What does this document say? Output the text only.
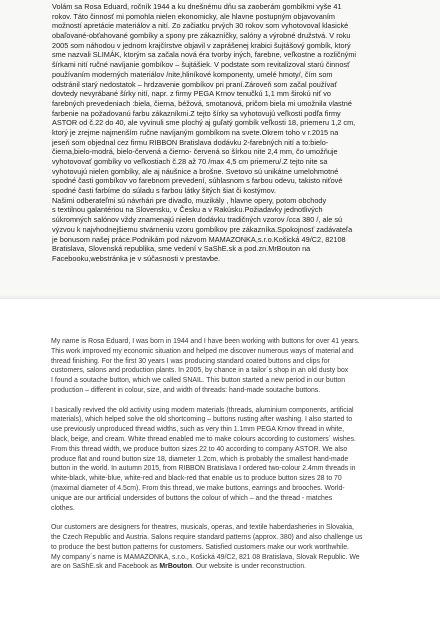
Volám sa Rosa Eduard, ročník 1944 a ku dnešnému dňu sa zaoberám gombíkmi vyše 41
rokov. Táto činnosť mi pomohla nielen ekonomicky, ale hlavne postupným objavovaním
možností apretácie materiálov a nití. Zo začiatku prvých 30 rokov som vyhotovoval klasické
obaľované-obťahované gombíky a spony pre zákazníčky, salóny a výrobné družstvá. V roku
2005 som náhodou v jednom krajčírstve objavil v zaprášenej krabici šujtášový gombík, ktorý
sme nazvali SLIMÁK, ktorým sa začala nová éra tvorby iných, farebne, veľkostne a rozličnými
šírkami nití ručné navíjanie gombíkov – šujtášiek. V podstate som revitalizoval starú činnosť
používaním moderných materiálov /nite,hliníkové komponenty, umelé hmoty/, čím som
odstránil starý nedostatok – hrdzavenie gombíkov pri praní.Zároveň som začal používať
dovtedy nevyrábané šírky nití, napr. z firmy PEGA Krnov tenučkú 1,1 mm širokú niť vo
farebných prevedeniach :biela, čierna, béžová, smotanová, pričom biela mi umožnila vlastné
farbenie na požadovanú farbu zákazníkmi.Z tejto šírky sa vyhotovujú veľkosti podľa firmy
ASTOR od č.22 do 40, ale vyvinuli sme plochý aj guľatý gombík veľkosti 18, priemeru 1,2 cm,
ktorý je zrejme najmenším ručne navíjaným gombíkom na svete.Okrem toho v r.2015 na
jeseň som objednal cez firmu RIBBON Bratislava dodávku 2-farebných nití a to:bielo-
čierna,bielo-modrá, bielo-červená a čierno- červená so šírkou nite 2,4 mm, čo umožňuje
vyhotovovať gombíky vo veľkostiach č.28 až 70 /max 4,5 cm priemeru/.Z tejto nite sa
vyhotovujú nielen gombíky, ale aj náušnice a brošne. Svetovo sú unikátne umelohmotné
spodné časti gombíkov vo farebnom prevedení, súhlasnom s farbou odevu, takisto niťové
spodné časti farbíme do súladu s farbou látky šitých šiat či kostýmov.
Našimi odberateľmi sú návrhári pre divadlo, muzikály , hlavne opery, potom obchody
s textilnou galantériou na Slovensku, v Česku a v Rakúsku.Požiadavky jednotlivých
súkromných salónov vždy znamenajú nielen dodávku tradičných vzorov /cca 380 /, ale sú
výzvou k najvhodnejšiemu stvárneniu vzoru gombíkov pre zákazníka.Spokojnosť zadávateľa
je bonusom našej práce.Podnikám pod názvom MAMAZONKA,s.r.o.Košická 49/C2, 82108
Bratislava, Slovenská republika, sme vedení v SaShE.sk a pod.zn.MrBouton na
Facebooku,webstránka je v súčasnosti v prestavbe.

My name is Rosa Eduard, I was born in 1944 and I have been working with buttons for over 41 years.
This work improved my economic situation and helped me discover numerous ways of material and
thread finishing. For the first 30 years I was producing standard coated buttons and clips for
customers, salons and production plants. In 2005, by chance in a tailor´s shop in an old dusty box
I found a soutache button, which we called SNAIL. This button started a new period in our button
production – different in colour, size, and width of threads: hand-made soutache buttons.

I basically revived the old activity using modern materials (threads, aluminium components, artificial
materials), which helped solve the old shortcoming – buttons rusting after washing. I also started to
use previously unproduced thread widths, such as very thin 1.1mm PEGA Krnov thread in white,
black, beige, and cream. White thread enabled me to make colours according to customers´ wishes.
From this thread width, we produce button sizes 22 to 40 according to company ASTOR. We also
produce flat and round button size 18, diameter 1.2cm, which is probably the smallest hand-made
button in the world. In autumn 2015, from RIBBON Bratislava I ordered two-colour 2.4mm threads in
white-black, white-blue, white-red and black-red that enable us to produce button sizes 28 to 70
(maximal diameter of 4.5cm). From this thread, we make buttons, earrings and brooches. World-
unique are our artificial undersides of buttons the colour of which – and the thread - matches
clothes.

Our customers are designers for theatres, musicals, operas, and textile haberdasheries in Slovakia,
the Czech Republic and Austria. Salons require standard patterns (approx. 380) and also challenge us
to produce the best button patterns for customers. Satisfied customers make our work worthwhile.
My company´s name is MAMAZONKA, s.r.o., Košická 49/C2, 821 08 Bratislava, Slovak Republic. We
are on SaShE.sk and Facebook as MrBouton. Our website is under reconstruction.
